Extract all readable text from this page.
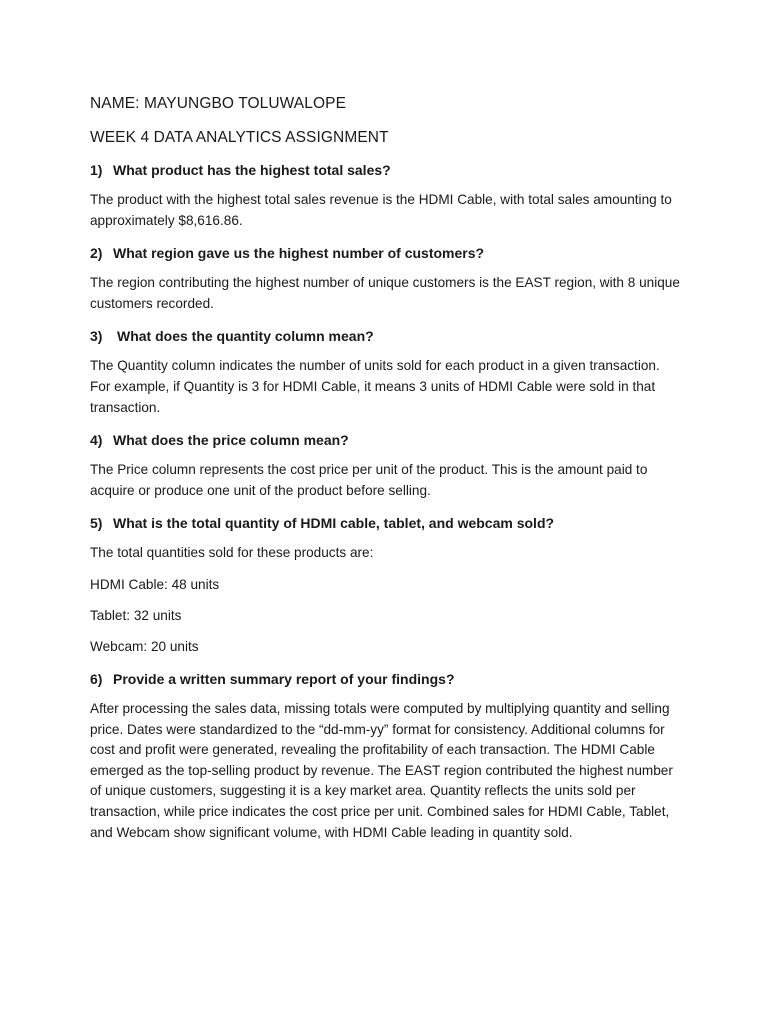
NAME: MAYUNGBO TOLUWALOPE

WEEK 4 DATA ANALYTICS ASSIGNMENT

1) What product has the highest total sales?

The product with the highest total sales revenue is the HDMI Cable, with total sales amounting to approximately $8,616.86.

2) What region gave us the highest number of customers?

The region contributing the highest number of unique customers is the EAST region, with 8 unique customers recorded.

3)	What does the quantity column mean?

The Quantity column indicates the number of units sold for each product in a given transaction. For example, if Quantity is 3 for HDMI Cable, it means 3 units of HDMI Cable were sold in that transaction.

4) What does the price column mean?

The Price column represents the cost price per unit of the product. This is the amount paid to acquire or produce one unit of the product before selling.

5) What is the total quantity of HDMI cable, tablet, and webcam sold?

The total quantities sold for these products are:

HDMI Cable: 48 units

Tablet: 32 units

Webcam: 20 units

6) Provide a written summary report of your findings?

After processing the sales data, missing totals were computed by multiplying quantity and selling price. Dates were standardized to the “dd-mm-yy” format for consistency. Additional columns for cost and profit were generated, revealing the profitability of each transaction. The HDMI Cable emerged as the top-selling product by revenue. The EAST region contributed the highest number of unique customers, suggesting it is a key market area. Quantity reflects the units sold per transaction, while price indicates the cost price per unit. Combined sales for HDMI Cable, Tablet, and Webcam show significant volume, with HDMI Cable leading in quantity sold.
